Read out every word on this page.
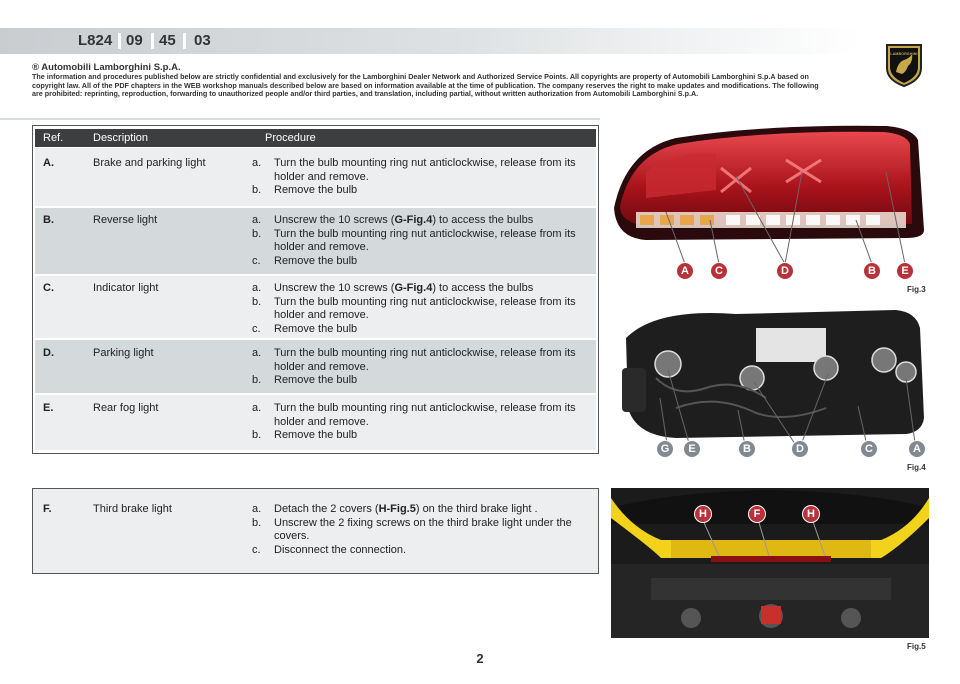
L824 09 45 03
LAMBORGHINI
® Automobili Lamborghini S.p.A.
The information and procedures published below are strictly confidential and exclusively for the Lamborghini Dealer Network and Authorized Service Points. All copyrights are property of Automobili Lamborghini S.p.A based on copyright law. All of the PDF chapters in the WEB workshop manuals described below are based on information available at the time of publication. The company reserves the right to make updates and modifications. The following are prohibited: reprinting, reproduction, forwarding to unauthorized people and/or third parties, and translation, including partial, without written authorization from Automobili Lamborghini S.p.A.
Ref.	Description	Procedure
A.	Brake and parking light	a. Turn the bulb mounting ring nut anticlockwise, release from its holder and remove.
b. Remove the bulb
B.	Reverse light	a. Unscrew the 10 screws (G-Fig.4) to access the bulbs
b. Turn the bulb mounting ring nut anticlockwise, release from its holder and remove.
c. Remove the bulb
C.	Indicator light	a. Unscrew the 10 screws (G-Fig.4) to access the bulbs
b. Turn the bulb mounting ring nut anticlockwise, release from its holder and remove.
c. Remove the bulb
D.	Parking light	a. Turn the bulb mounting ring nut anticlockwise, release from its holder and remove.
b. Remove the bulb
E.	Rear fog light	a. Turn the bulb mounting ring nut anticlockwise, release from its holder and remove.
b. Remove the bulb
F.	Third brake light	a. Detach the 2 covers (H-Fig.5) on the third brake light .
b. Unscrew the 2 fixing screws on the third brake light under the covers.
c. Disconnect the connection.
A	C	D	B	E
Fig.3
G	E	B	D	C	A
Fig.4
H	F	H
Fig.5
2
